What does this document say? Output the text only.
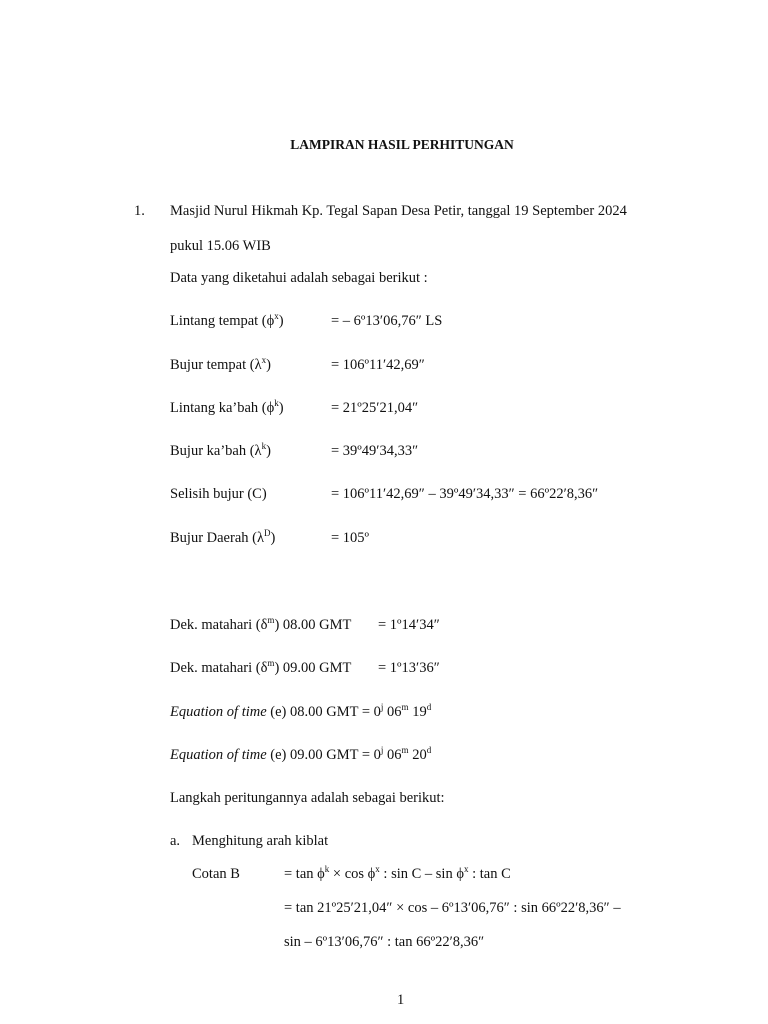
LAMPIRAN HASIL PERHITUNGAN
1. Masjid Nurul Hikmah Kp. Tegal Sapan Desa Petir, tanggal 19 September 2024
pukul 15.06 WIB
Data yang diketahui adalah sebagai berikut :
Lintang tempat $(\phi^x)$	= – 6º13′06,76″ LS
Bujur tempat $(\lambda^x)$	= 106º11′42,69″
Lintang ka’bah $(\phi^k)$	= 21º25′21,04″
Bujur ka’bah $(\lambda^k)$	= 39º49′34,33″
Selisih bujur (C)	= 106º11′42,69″ – 39º49′34,33″ = 66º22′8,36″
Bujur Daerah $(\lambda^D)$	= 105º
Dek. matahari $(\delta^m)$ 08.00 GMT = 1º14′34″
Dek. matahari $(\delta^m)$ 09.00 GMT = 1º13′36″
Equation of time (e) 08.00 GMT = $0^j$ 06$^m$ 19$^d$
Equation of time (e) 09.00 GMT = $0^j$ 06$^m$ 20$^d$
Langkah peritungannya adalah sebagai berikut:
a. Menghitung arah kiblat
Cotan B	= $\tan \phi^k \times \cos \phi^x$ : sin C – $\sin \phi^x$ : tan C
= tan 21º25′21,04″ × cos – 6º13′06,76″ : sin 66º22′8,36″ –
sin – 6º13′06,76″ : tan 66º22′8,36″
1
